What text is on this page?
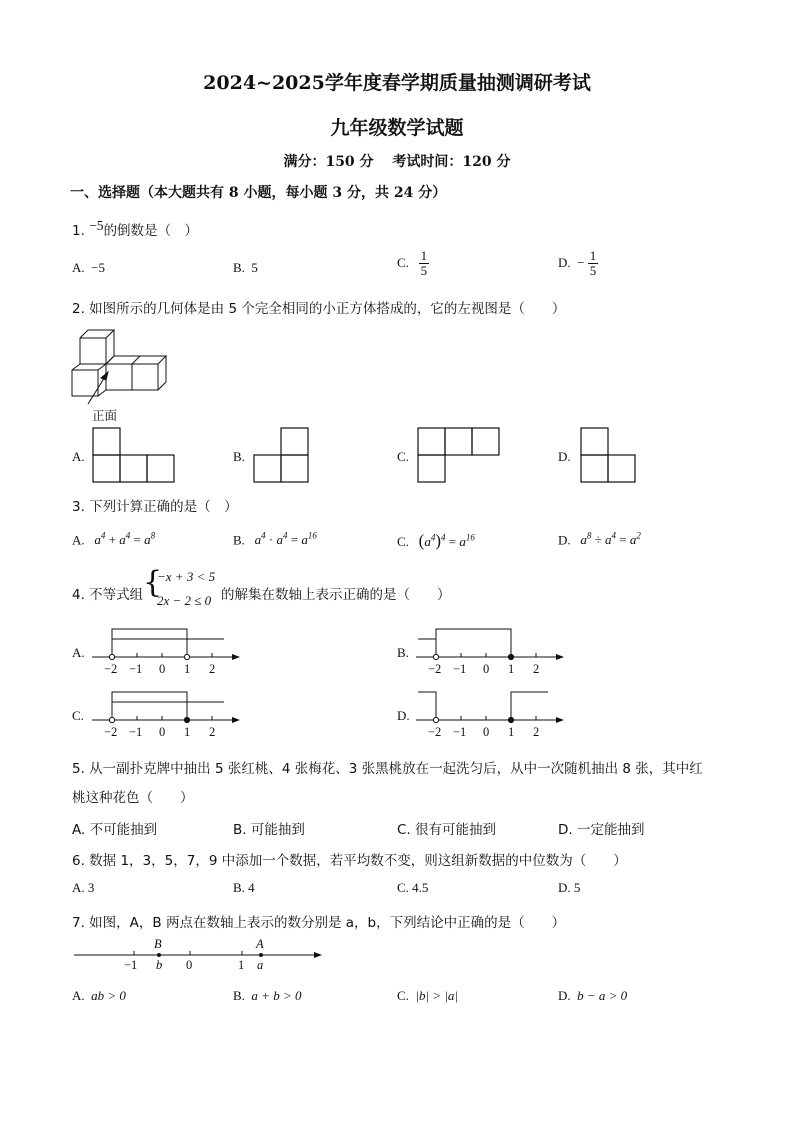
2024~2025学年度春学期质量抽测调研考试
九年级数学试题
满分：150 分　 考试时间：120 分
一、选择题（本大题共有 8 小题，每小题 3 分，共 24 分）
1. −5的倒数是（　）
A. −5	B. 5	C. $\frac{1}{5}$	D. − $\frac{1}{5}$
2. 如图所示的几何体是由 5 个完全相同的小正方体搭成的，它的左视图是（　　）
正面
A.	B.	C.	D.
3. 下列计算正确的是（　）
A. $a^4 + a^4 = a^8$	B. $a^4 \cdot a^4 = a^{16}$	C. $(a^4)^4 = a^{16}$	D. $a^8 \div a^4 = a^2$
4. 不等式组 {
−x + 3 < 5
2x − 2 ≤ 0 的解集在数轴上表示正确的是（　　）
A.
−2 −1 0 1 2
B.
−2 −1 0 1 2
C.
−2 −1 0 1 2
D.
−2 −1 0 1 2
5. 从一副扑克牌中抽出 5 张红桃、4 张梅花、3 张黑桃放在一起洗匀后，从中一次随机抽出 8 张，其中红
桃这种花色（　　）
A. 不可能抽到	B. 可能抽到	C. 很有可能抽到	D. 一定能抽到
6. 数据 1，3，5，7，9 中添加一个数据，若平均数不变，则这组新数据的中位数为（　　）
A. 3	B. 4	C. 4.5	D. 5
7. 如图，A，B 两点在数轴上表示的数分别是 a，b，下列结论中正确的是（　　）
B	A
−1 b 0	1 a
A. ab > 0	B. a + b > 0	C. |b| > |a|	D. b − a > 0
